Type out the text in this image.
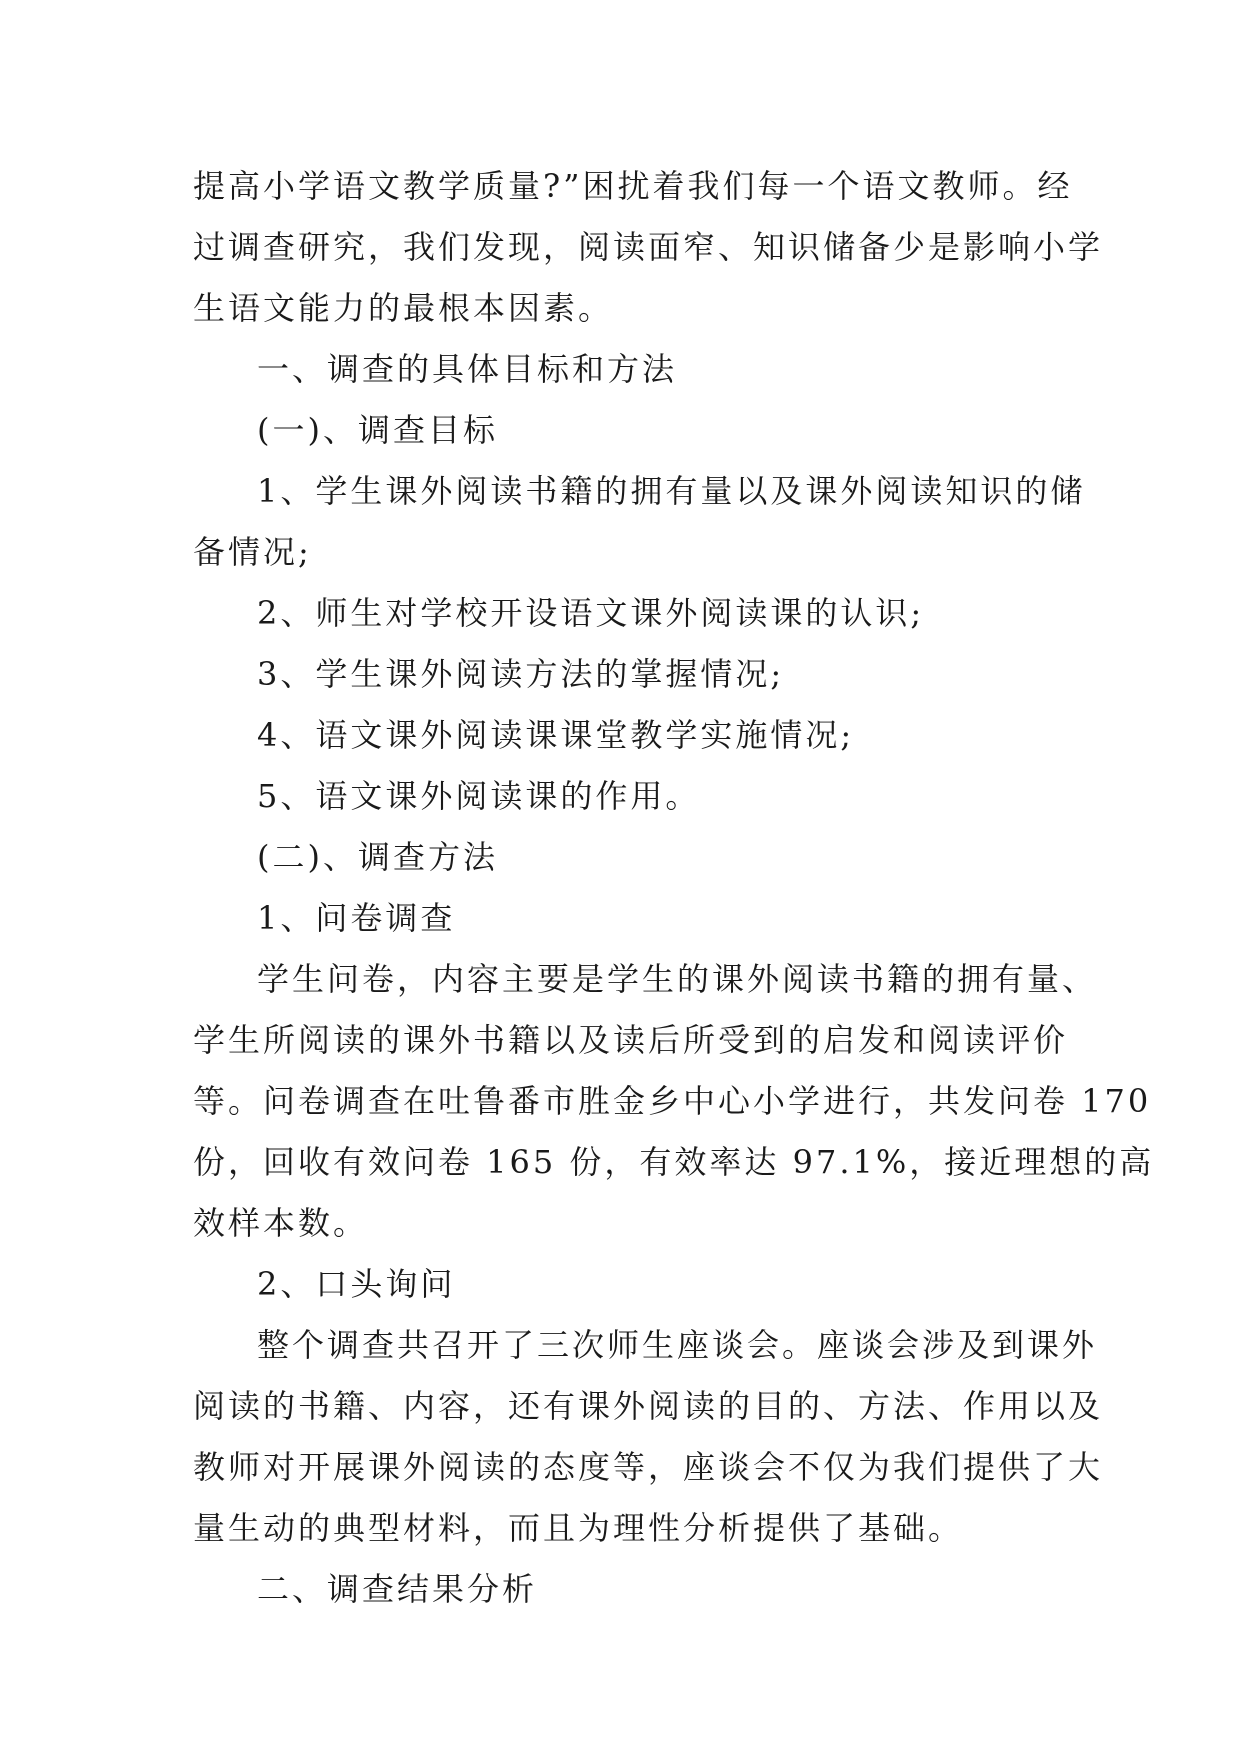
提高小学语文教学质量?”困扰着我们每一个语文教师。经
过调查研究，我们发现，阅读面窄、知识储备少是影响小学
生语文能力的最根本因素。
一、调查的具体目标和方法
(一)、调查目标
1、学生课外阅读书籍的拥有量以及课外阅读知识的储
备情况;
2、师生对学校开设语文课外阅读课的认识;
3、学生课外阅读方法的掌握情况;
4、语文课外阅读课课堂教学实施情况;
5、语文课外阅读课的作用。
(二)、调查方法
1、问卷调查
学生问卷，内容主要是学生的课外阅读书籍的拥有量、
学生所阅读的课外书籍以及读后所受到的启发和阅读评价
等。问卷调查在吐鲁番市胜金乡中心小学进行，共发问卷 170
份，回收有效问卷 165 份，有效率达 97.1%，接近理想的高
效样本数。
2、口头询问
整个调查共召开了三次师生座谈会。座谈会涉及到课外
阅读的书籍、内容，还有课外阅读的目的、方法、作用以及
教师对开展课外阅读的态度等，座谈会不仅为我们提供了大
量生动的典型材料，而且为理性分析提供了基础。
二、调查结果分析
